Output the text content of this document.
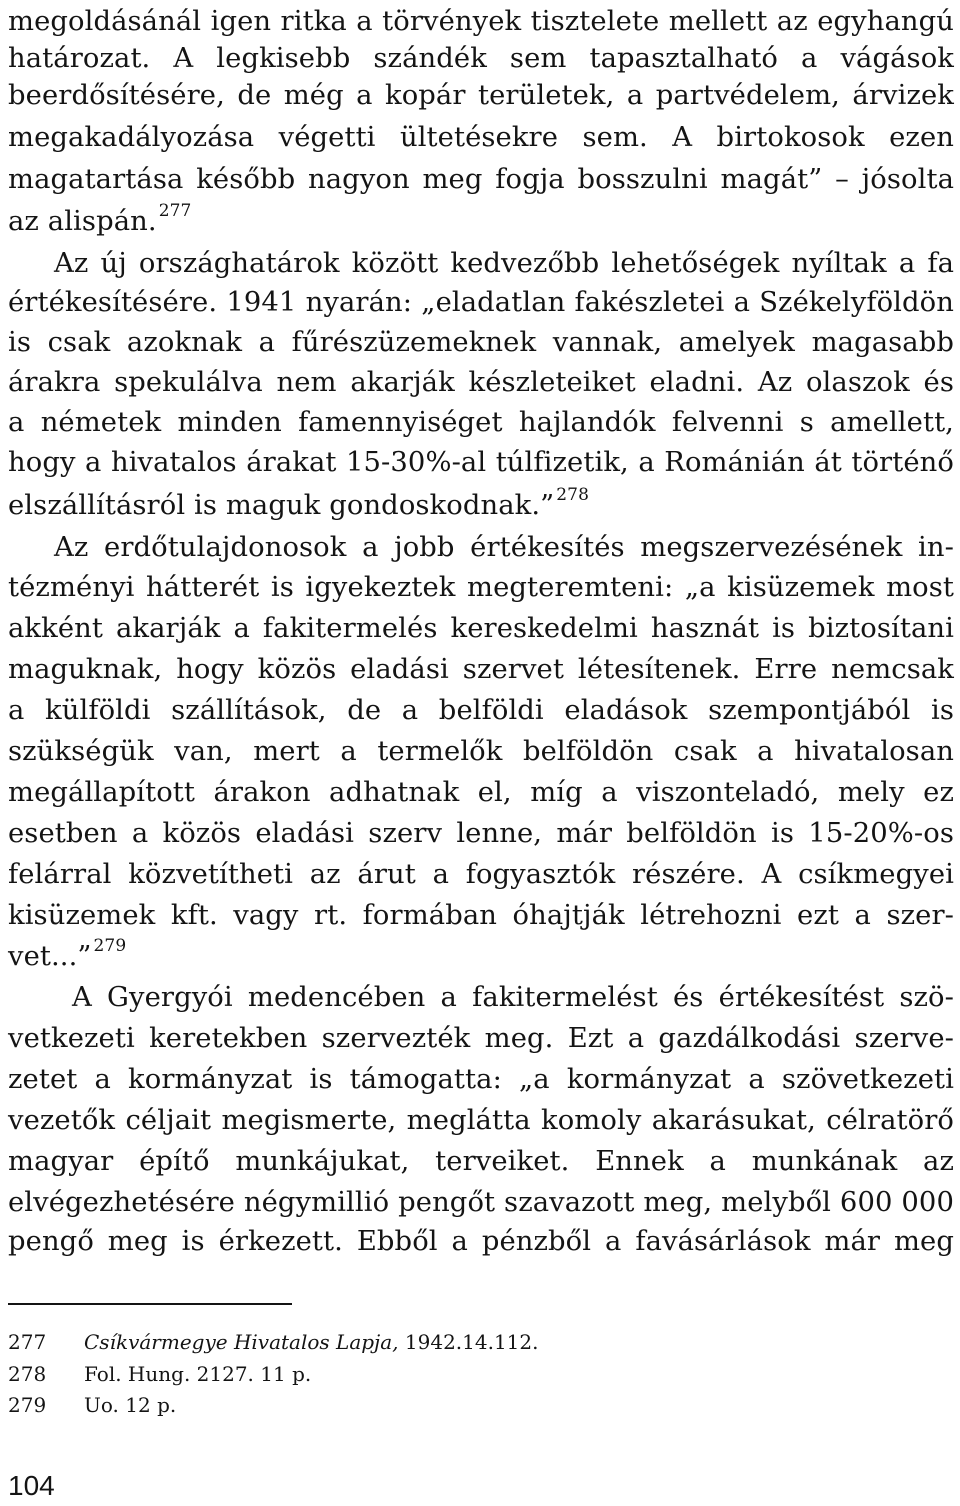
megoldásánál igen ritka a törvények tisztelete mellett az egyhangú
határozat. A legkisebb szándék sem tapasztalható a vágások
beerdősítésére, de még a kopár területek, a partvédelem, árvizek
megakadályozása végetti ültetésekre sem. A birtokosok ezen
magatartása később nagyon meg fogja bosszulni magát” – jósolta
az alispán. $^{277}$
Az új országhatárok között kedvezőbb lehetőségek nyíltak a fa
értékesítésére. 1941 nyarán: „eladatlan fakészletei a Székelyföldön
is csak azoknak a fűrészüzemeknek vannak, amelyek magasabb
árakra spekulálva nem akarják készleteiket eladni. Az olaszok és
a németek minden famennyiséget hajlandók felvenni s amellett,
hogy a hivatalos árakat 15-30%-al túlfizetik, a Románián át történő
elszállításról is maguk gondoskodnak.” $^{278}$
Az erdőtulajdonosok a jobb értékesítés megszervezésének in-
tézményi hátterét is igyekeztek megteremteni: „a kisüzemek most
akként akarják a fakitermelés kereskedelmi hasznát is biztosítani
maguknak, hogy közös eladási szervet létesítenek. Erre nemcsak
a külföldi szállítások, de a belföldi eladások szempontjából is
szükségük van, mert a termelők belföldön csak a hivatalosan
megállapított árakon adhatnak el, míg a viszonteladó, mely ez
esetben a közös eladási szerv lenne, már belföldön is 15-20%-os
felárral közvetítheti az árut a fogyasztók részére. A csíkmegyei
kisüzemek kft. vagy rt. formában óhajtják létrehozni ezt a szer-
vet...” $^{279}$
A Gyergyói medencében a fakitermelést és értékesítést szö-
vetkezeti keretekben szervezték meg. Ezt a gazdálkodási szerve-
zetet a kormányzat is támogatta: „a kormányzat a szövetkezeti
vezetők céljait megismerte, meglátta komoly akarásukat, célratörő
magyar építő munkájukat, terveiket. Ennek a munkának az
elvégezhetésére négymillió pengőt szavazott meg, melyből 600 000
pengő meg is érkezett. Ebből a pénzből a favásárlások már meg
277 Csíkvármegye Hivatalos Lapja, 1942.14.112.
278 Fol. Hung. 2127. 11 p.
279 Uo. 12 p.
104
